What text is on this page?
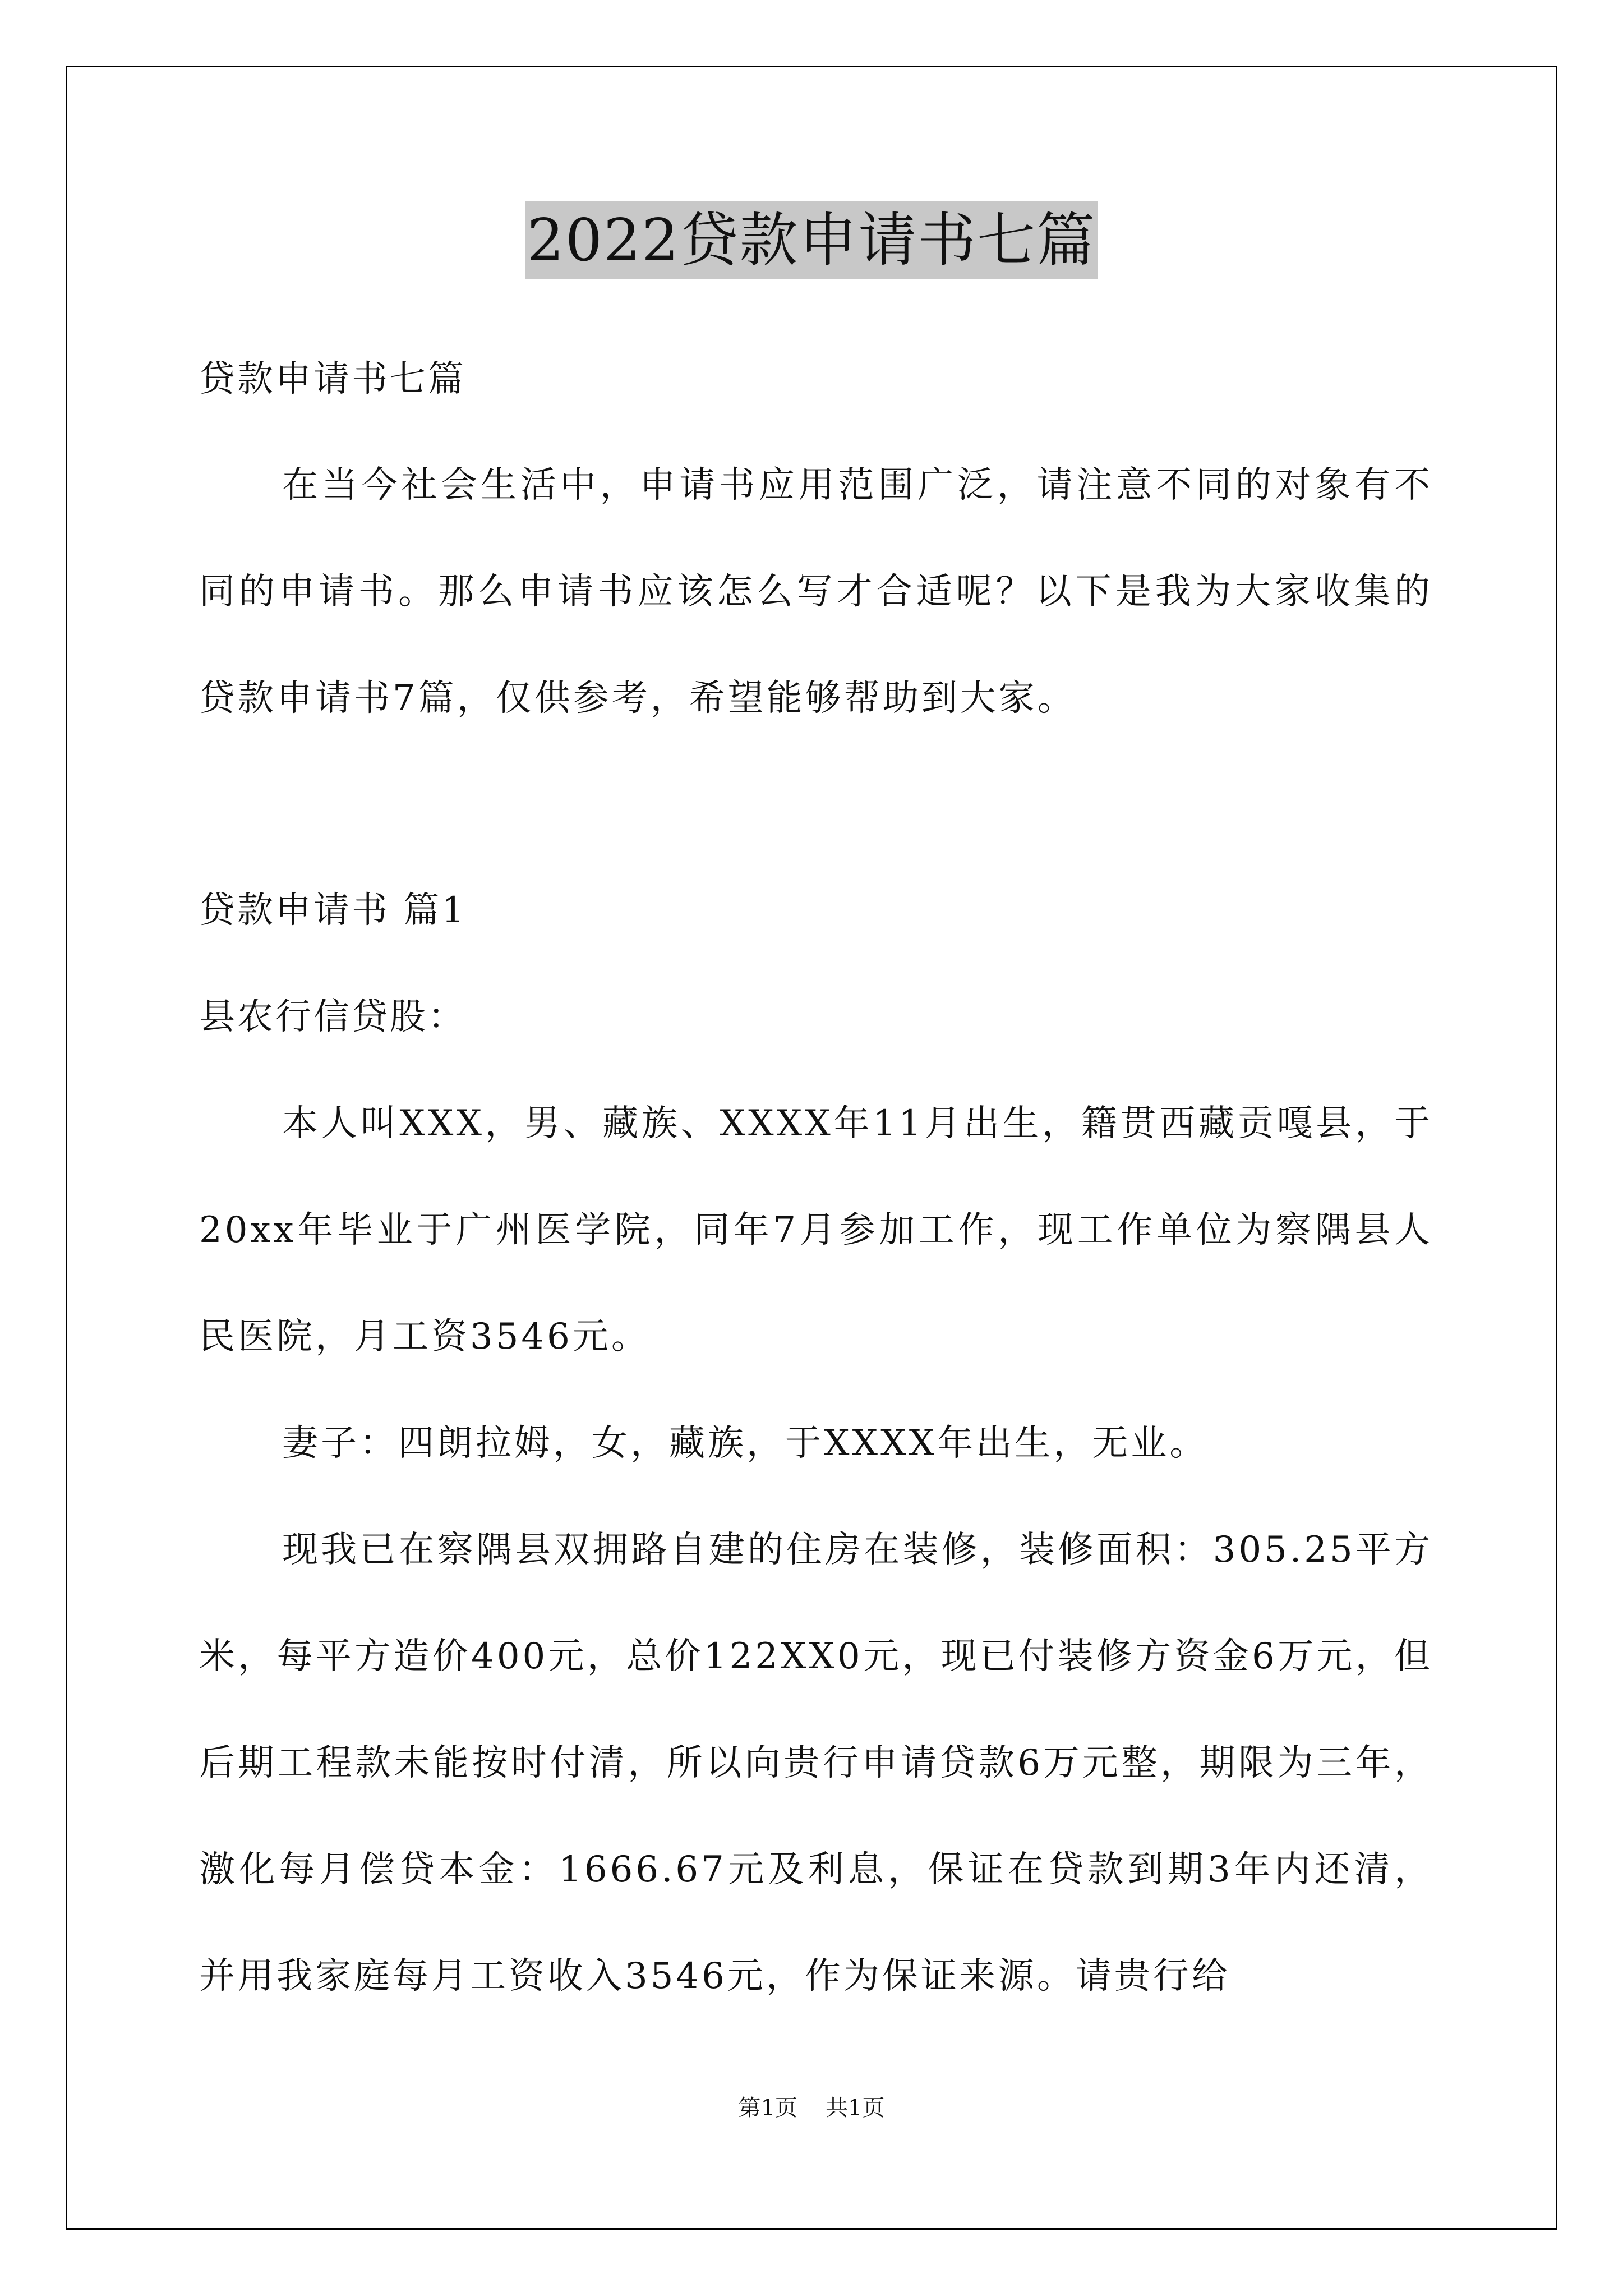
2022贷款申请书七篇
贷款申请书七篇
在当今社会生活中，申请书应用范围广泛，请注意不同的对象有不同的申请书。那么申请书应该怎么写才合适呢？以下是我为大家收集的贷款申请书7篇，仅供参考，希望能够帮助到大家。
贷款申请书 篇1
县农行信贷股：
本人叫XXX，男、藏族、XXXX年11月出生，籍贯西藏贡嘎县，于20xx年毕业于广州医学院，同年7月参加工作，现工作单位为察隅县人民医院，月工资3546元。
妻子：四朗拉姆，女，藏族，于XXXX年出生，无业。
现我已在察隅县双拥路自建的住房在装修，装修面积：305.25平方米，每平方造价400元，总价122XX0元，现已付装修方资金6万元，但后期工程款未能按时付清，所以向贵行申请贷款6万元整，期限为三年，激化每月偿贷本金：1666.67元及利息，保证在贷款到期3年内还清，并用我家庭每月工资收入3546元，作为保证来源。请贵行给
第1页 共1页
